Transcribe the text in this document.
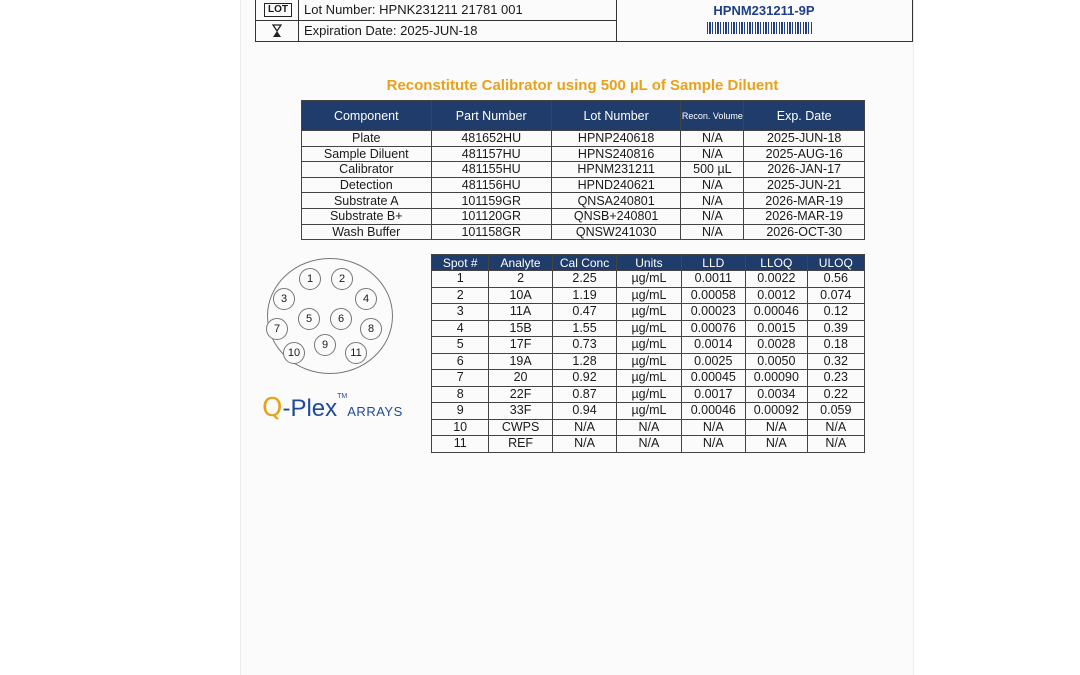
LOT	Lot Number: HPNK231211 21781 001
Expiration Date: 2025-JUN-18
HPNM231211-9P
Reconstitute Calibrator using 500 µL of Sample Diluent
Component	Part Number	Lot Number	Recon. Volume	Exp. Date
Plate	481652HU	HPNP240618	N/A	2025-JUN-18
Sample Diluent	481157HU	HPNS240816	N/A	2025-AUG-16
Calibrator	481155HU	HPNM231211	500 µL	2026-JAN-17
Detection	481156HU	HPND240621	N/A	2025-JUN-21
Substrate A	101159GR	QNSA240801	N/A	2026-MAR-19
Substrate B+	101120GR	QNSB+240801	N/A	2026-MAR-19
Wash Buffer	101158GR	QNSW241030	N/A	2026-OCT-30
1	2
3	4
5	6
7	8
9
10	11
Q-Plex™ARRAYS
Spot #	Analyte	Cal Conc	Units	LLD	LLOQ	ULOQ
1	2	2.25	µg/mL	0.0011	0.0022	0.56
2	10A	1.19	µg/mL	0.00058	0.0012	0.074
3	11A	0.47	µg/mL	0.00023	0.00046	0.12
4	15B	1.55	µg/mL	0.00076	0.0015	0.39
5	17F	0.73	µg/mL	0.0014	0.0028	0.18
6	19A	1.28	µg/mL	0.0025	0.0050	0.32
7	20	0.92	µg/mL	0.00045	0.00090	0.23
8	22F	0.87	µg/mL	0.0017	0.0034	0.22
9	33F	0.94	µg/mL	0.00046	0.00092	0.059
10	CWPS	N/A	N/A	N/A	N/A	N/A
11	REF	N/A	N/A	N/A	N/A	N/A
